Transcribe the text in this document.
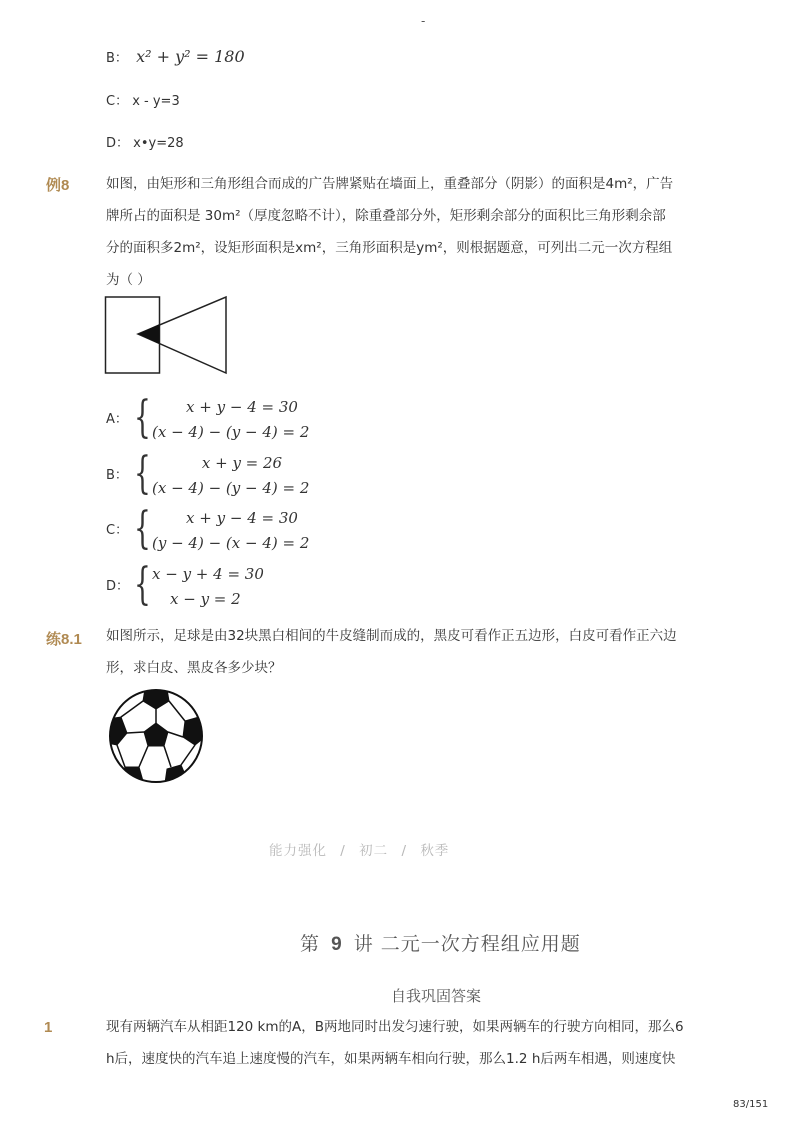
-
B： x² + y² = 180
C： x - y=3
D： x•y=28
例8	如图，由矩形和三角形组合而成的广告牌紧贴在墙面上，重叠部分（阴影）的面积是4m²，广告
牌所占的面积是 30m²（厚度忽略不计），除重叠部分外，矩形剩余部分的面积比三角形剩余部
分的面积多2m²，设矩形面积是xm²，三角形面积是ym²，则根据题意，可列出二元一次方程组
为（ ）
A： {	x + y − 4 = 30
(x − 4) − (y − 4) = 2
B： {	x + y = 26
(x − 4) − (y − 4) = 2
C： {	x + y − 4 = 30
(y − 4) − (x − 4) = 2
D： { x − y + 4 = 30
x − y = 2
练8.1 如图所示，足球是由32块黑白相间的牛皮缝制而成的，黑皮可看作正五边形，白皮可看作正六边
形，求白皮、黑皮各多少块？
能力强化 / 初二 / 秋季
第 9 讲 二元一次方程组应用题
自我巩固答案
1	现有两辆汽车从相距120 km的A，B两地同时出发匀速行驶，如果两辆车的行驶方向相同，那么6
h后，速度快的汽车追上速度慢的汽车，如果两辆车相向行驶，那么1.2 h后两车相遇，则速度快
83/151
